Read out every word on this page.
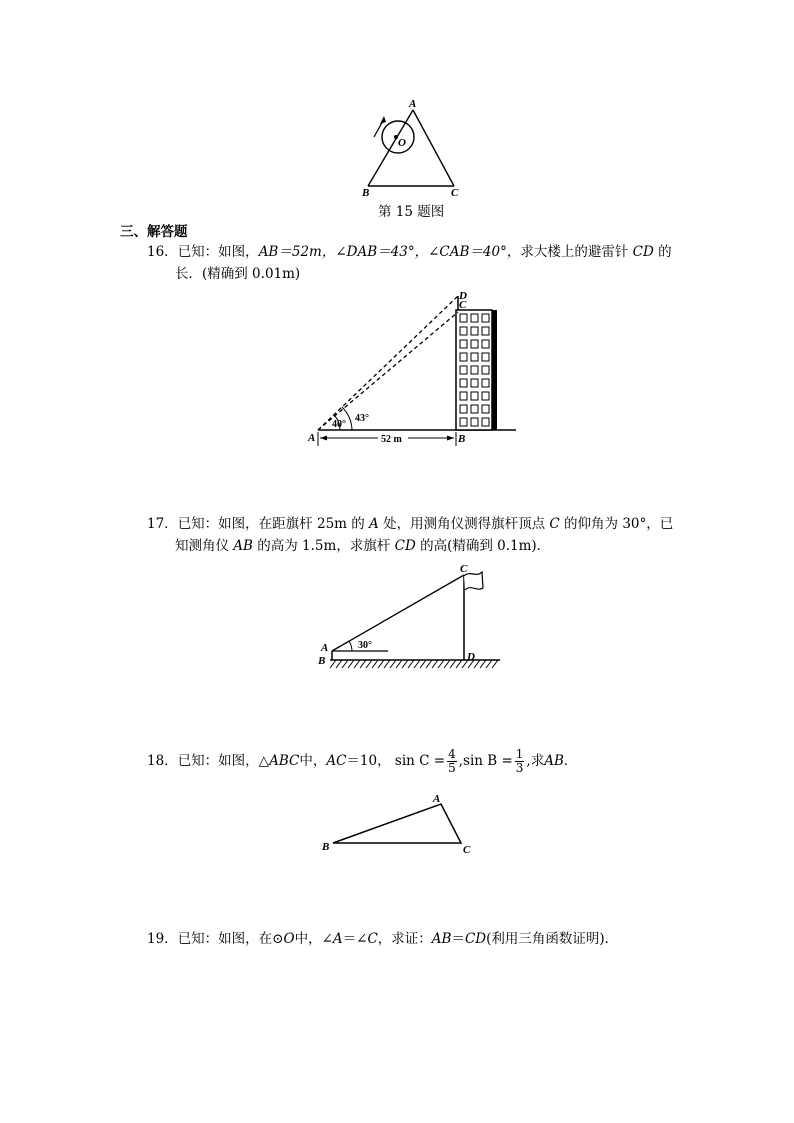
A
O
B	C
第 15 题图
三、解答题
16．已知：如图，AB＝52m，∠DAB＝43°，∠CAB＝40°，求大楼上的避雷针 CD 的
长．(精确到 0.01m)
40°
43°
52 m
D
C
A	B
17．已知：如图，在距旗杆 25m 的 A 处，用测角仪测得旗杆顶点 C 的仰角为 30°，已
知测角仪 AB 的高为 1.5m，求旗杆 CD 的高(精确到 0.1m)．
30°
C
A
B	D
18．已知：如图，△ABC中，AC＝10， $\sin C = \frac{4}{5} ,\sin$ $B = \frac{1}{3}$ ,求AB．
A
B	C
19．已知：如图，在⊙O中，∠A＝∠C，求证：AB＝CD(利用三角函数证明)．
